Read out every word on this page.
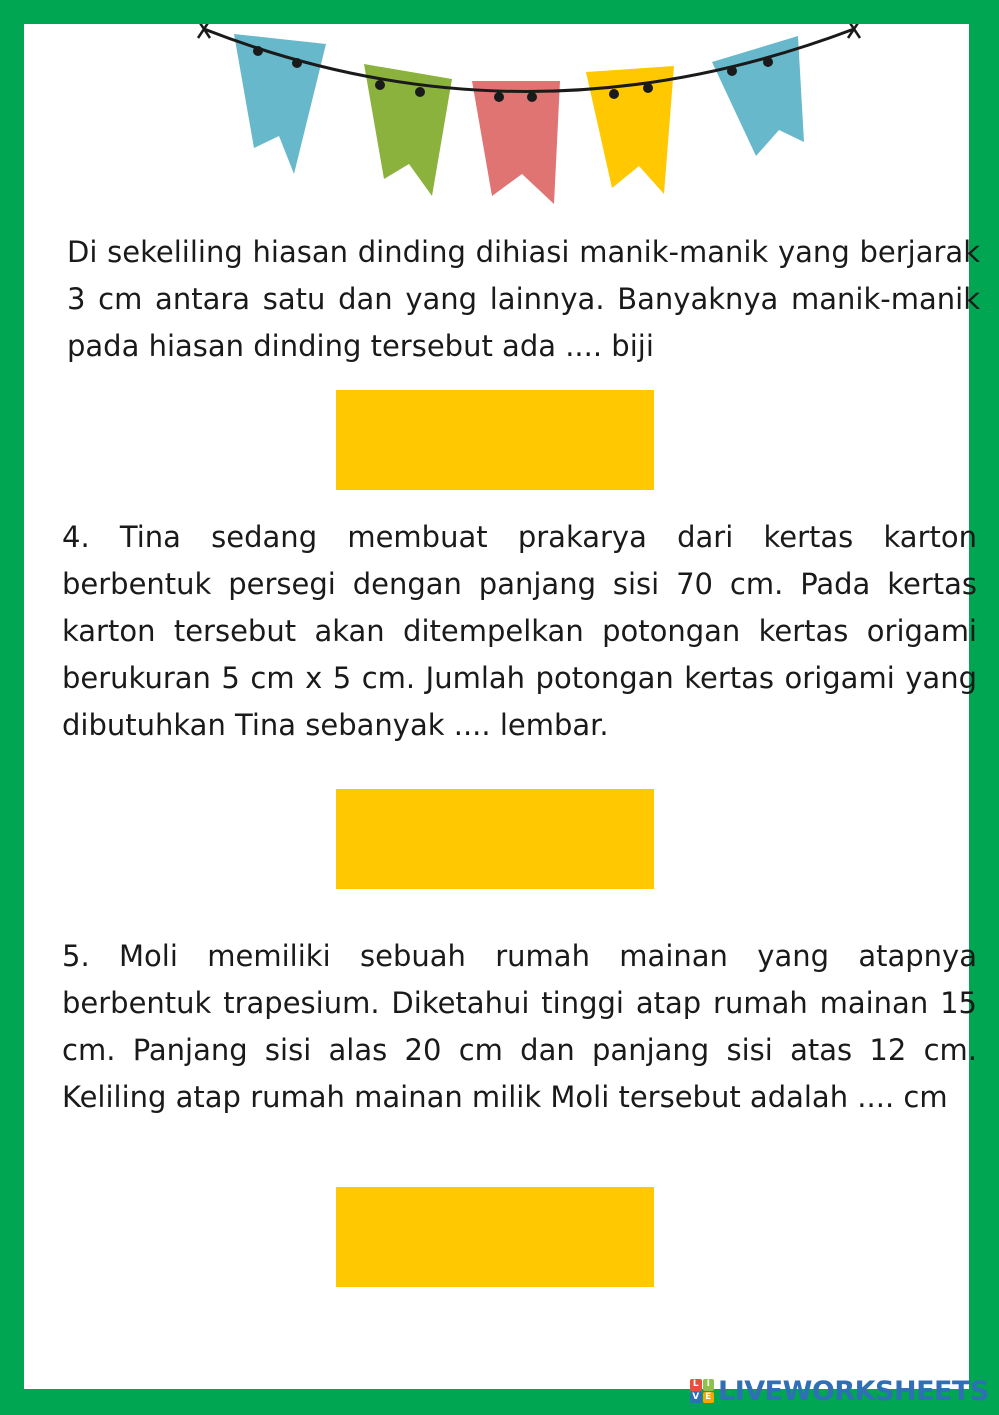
Di sekeliling hiasan dinding dihiasi manik-manik yang berjarak 3 cm antara satu dan yang lainnya. Banyaknya manik-manik pada hiasan dinding tersebut ada .... biji

4. Tina sedang membuat prakarya dari kertas karton berbentuk persegi dengan panjang sisi 70 cm. Pada kertas karton tersebut akan ditempelkan potongan kertas origami berukuran 5 cm x 5 cm. Jumlah potongan kertas origami yang dibutuhkan Tina sebanyak .... lembar.

5. Moli memiliki sebuah rumah mainan yang atapnya berbentuk trapesium. Diketahui tinggi atap rumah mainan 15 cm. Panjang sisi alas 20 cm dan panjang sisi atas 12 cm. Keliling atap rumah mainan milik Moli tersebut adalah .... cm

L I
V E LIVEWORKSHEETS
